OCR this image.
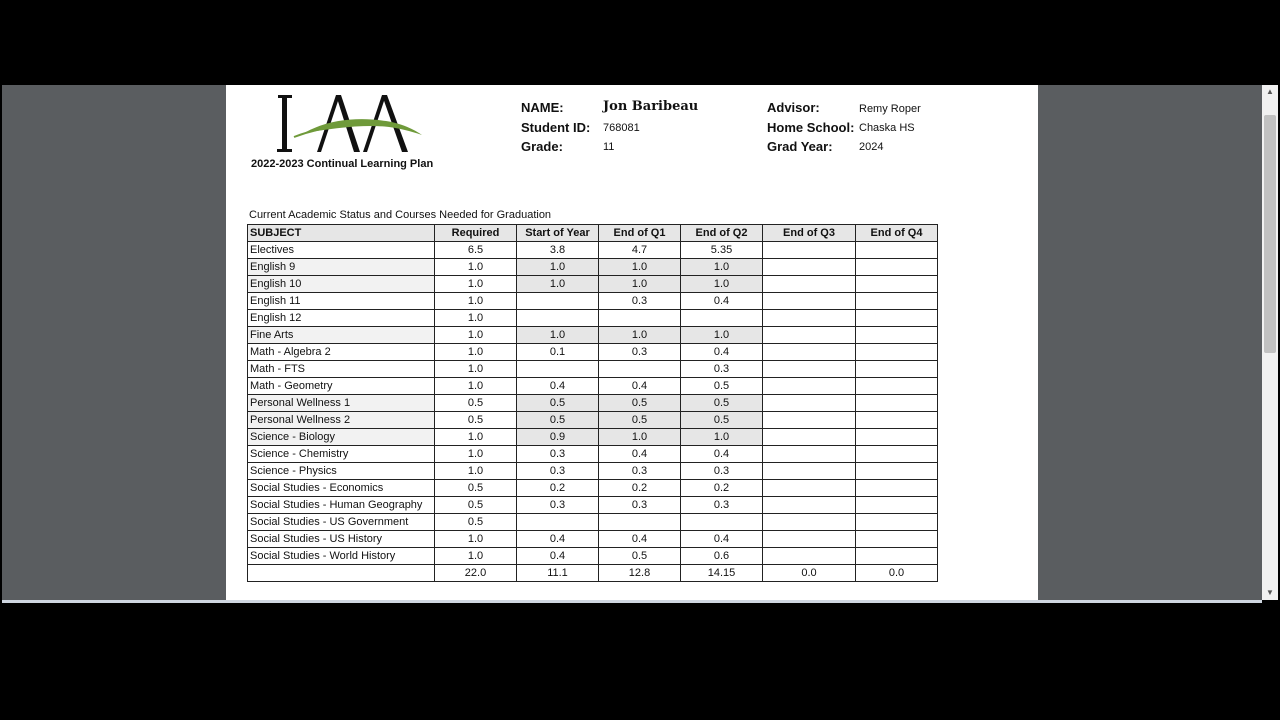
2022-2023 Continual Learning Plan
NAME:	Jon Baribeau
Student ID: 768081
Grade:	11
Advisor:	Remy Roper
Home School: Chaska HS
Grad Year: 2024
Current Academic Status and Courses Needed for Graduation
SUBJECT	Required	Start of Year	End of Q1	End of Q2	End of Q3	End of Q4
Electives	6.5	3.8	4.7	5.35		
English 9	1.0	1.0	1.0	1.0		
English 10	1.0	1.0	1.0	1.0		
English 11	1.0		0.3	0.4		
English 12	1.0					
Fine Arts	1.0	1.0	1.0	1.0		
Math - Algebra 2	1.0	0.1	0.3	0.4		
Math - FTS	1.0			0.3		
Math - Geometry	1.0	0.4	0.4	0.5		
Personal Wellness 1	0.5	0.5	0.5	0.5		
Personal Wellness 2	0.5	0.5	0.5	0.5		
Science - Biology	1.0	0.9	1.0	1.0		
Science - Chemistry	1.0	0.3	0.4	0.4		
Science - Physics	1.0	0.3	0.3	0.3		
Social Studies - Economics	0.5	0.2	0.2	0.2		
Social Studies - Human Geography	0.5	0.3	0.3	0.3		
Social Studies - US Government	0.5					
Social Studies - US History	1.0	0.4	0.4	0.4		
Social Studies - World History	1.0	0.4	0.5	0.6		
	22.0	11.1	12.8	14.15	0.0	0.0
▲
▼
